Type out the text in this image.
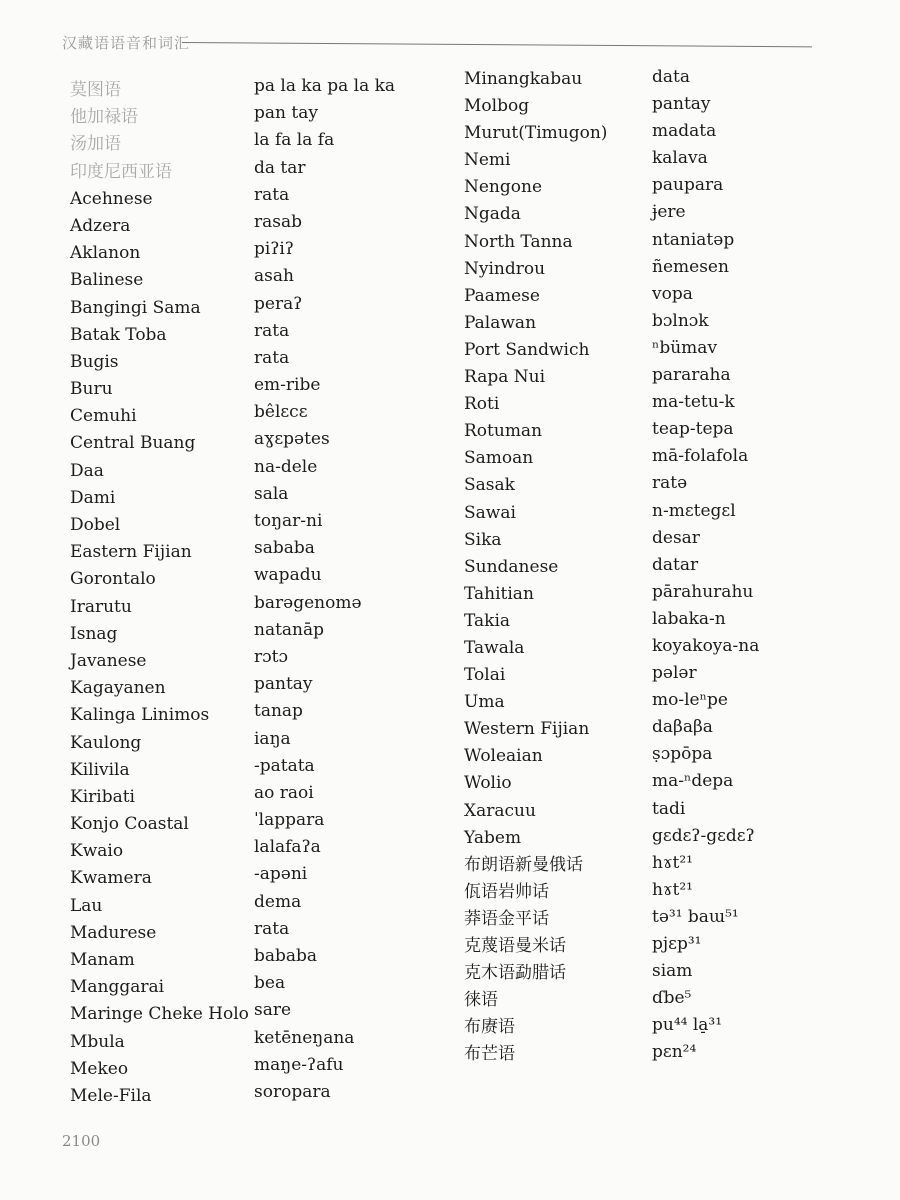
汉藏语语音和词汇
莫图语
他加禄语
汤加语
印度尼西亚语
Acehnese
Adzera
Aklanon
Balinese
Bangingi Sama
Batak Toba
Bugis
Buru
Cemuhi
Central Buang
Daa
Dami
Dobel
Eastern Fijian
Gorontalo
Irarutu
Isnag
Javanese
Kagayanen
Kalinga Linimos
Kaulong
Kilivila
Kiribati
Konjo Coastal
Kwaio
Kwamera
Lau
Madurese
Manam
Manggarai
Maringe Cheke Holo
Mbula
Mekeo
Mele-Fila
pa la ka pa la ka
pan tay
la fa la fa
da tar
rata
rasab
piʔiʔ
asah
peraʔ
rata
rata
em-ribe
bêlɛcɛ
aɣɛpətes
na-dele
sala
toŋar-ni
sababa
wapadu
barəgenomə
natanāp
rɔtɔ
pantay
tanap
iaŋa
-patata
ao raoi
ˈlappara
lalafaʔa
-apəni
dema
rata
bababa
bea
sare
ketēneŋana
maŋe-ʔafu
soropara
Minangkabau
Molbog
Murut(Timugon)
Nemi
Nengone
Ngada
North Tanna
Nyindrou
Paamese
Palawan
Port Sandwich
Rapa Nui
Roti
Rotuman
Samoan
Sasak
Sawai
Sika
Sundanese
Tahitian
Takia
Tawala
Tolai
Uma
Western Fijian
Woleaian
Wolio
Xaracuu
Yabem
布朗语新曼俄话
佤语岩帅话
莽语金平话
克蔑语曼米话
克木语勐腊话
徕语
布赓语
布芒语
data
pantay
madata
kalava
paupara
ɉere
ntaniatəp
ñemesen
vopa
bɔlnɔk
ⁿbümav
pararaha
ma-tetu-k
teap-tepa
mā-folafola
ratə
n-mɛtegɛl
desar
datar
pārahurahu
labaka-n
koyakoya-na
pələr
mo-leⁿpe
daβaβa
ṣɔpōpa
ma-ⁿdepa
tadi
gɛdɛʔ-gɛdɛʔ
hɤt²¹
hɤt²¹
tə³¹ baɯ⁵¹
pjɛp³¹
siam
ɗbe⁵
pu⁴⁴ la̠³¹
pɛn²⁴
2100
